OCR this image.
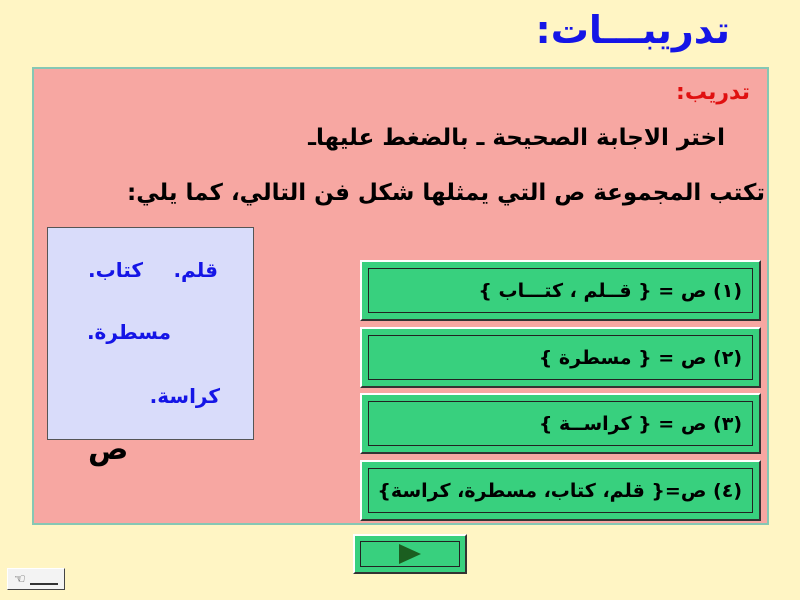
تدريبـــات:
تدريب:
اختر الاجابة الصحيحة ـ بالضغط عليهاـ
تكتب المجموعة ص التي يمثلها شكل فن التالي، كما يلي:
قلم.
كتاب.
مسطرة.
كراسة.
ص
(١) ص = { قــلم ، كتـــاب }
(٢) ص = { مسطرة }
(٣) ص = { كراســة }
(٤) ص={ قلم، كتاب، مسطرة، كراسة}
☜
